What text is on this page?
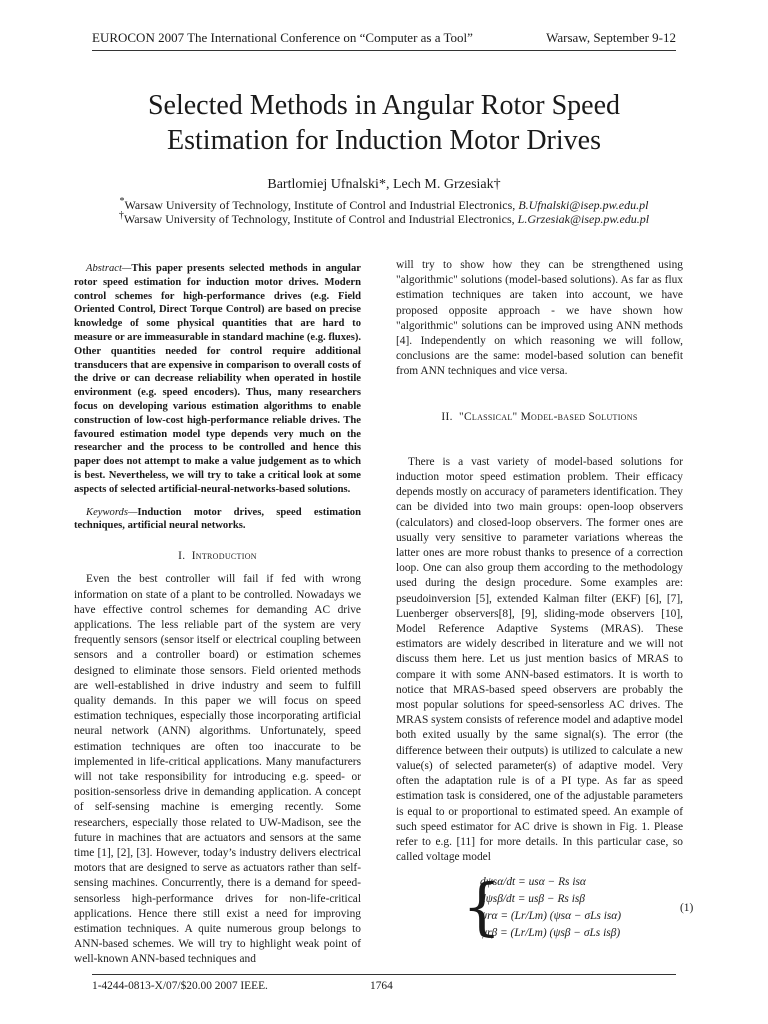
EUROCON 2007 The International Conference on “Computer as a Tool”	Warsaw, September 9-12
Selected Methods in Angular Rotor Speed
Estimation for Induction Motor Drives
Bartlomiej Ufnalski*, Lech M. Grzesiak†
*Warsaw University of Technology, Institute of Control and Industrial Electronics, B.Ufnalski@isep.pw.edu.pl
†Warsaw University of Technology, Institute of Control and Industrial Electronics, L.Grzesiak@isep.pw.edu.pl

Abstract—This paper presents selected methods in angular rotor speed estimation for induction motor drives. Modern control schemes for high-performance drives (e.g. Field Oriented Control, Direct Torque Control) are based on precise knowledge of some physical quantities that are hard to measure or are immeasurable in standard machine (e.g. fluxes). Other quantities needed for control require additional transducers that are expensive in comparison to overall costs of the drive or can decrease reliability when operated in hostile environment (e.g. speed encoders). Thus, many researchers focus on developing various estimation algorithms to enable construction of low-cost high-performance reliable drives. The favoured estimation model type depends very much on the researcher and the process to be controlled and hence this paper does not attempt to make a value judgement as to which is best. Nevertheless, we will try to take a critical look at some aspects of selected artificial-neural-networks-based solutions.

Keywords—Induction motor drives, speed estimation techniques, artificial neural networks.

I. Introduction

Even the best controller will fail if fed with wrong information on state of a plant to be controlled. Nowadays we have effective control schemes for demanding AC drive applications. The less reliable part of the system are very frequently sensors (sensor itself or electrical coupling between sensors and a controller board) or estimation schemes designed to eliminate those sensors. Field oriented methods are well-established in drive industry and seem to fulfill quality demands. In this paper we will focus on speed estimation techniques, especially those incorporating artificial neural network (ANN) algorithms. Unfortunately, speed estimation techniques are often too inaccurate to be implemented in life-critical applications. Many manufacturers will not take responsibility for introducing e.g. speed- or position-sensorless drive in demanding application. A concept of self-sensing machine is emerging recently. Some researchers, especially those related to UW-Madison, see the future in machines that are actuators and sensors at the same time [1], [2], [3]. However, today’s industry delivers electrical motors that are designed to serve as actuators rather than self-sensing machines. Concurrently, there is a demand for speed-sensorless high-performance drives for non-life-critical applications. Hence there still exist a need for improving estimation techniques. A quite numerous group belongs to ANN-based schemes. We will try to highlight weak point of well-known ANN-based techniques and

will try to show how they can be strengthened using "algorithmic" solutions (model-based solutions). As far as flux estimation techniques are taken into account, we have proposed opposite approach - we have shown how "algorithmic" solutions can be improved using ANN methods [4]. Independently on which reasoning we will follow, conclusions are the same: model-based solution can benefit from ANN techniques and vice versa.

II. "Classical" Model-based Solutions

There is a vast variety of model-based solutions for induction motor speed estimation problem. Their efficacy depends mostly on accuracy of parameters identification. They can be divided into two main groups: open-loop observers (calculators) and closed-loop observers. The former ones are usually very sensitive to parameter variations whereas the latter ones are more robust thanks to presence of a correction loop. One can also group them according to the methodology used during the design procedure. Some examples are: pseudoinversion [5], extended Kalman filter (EKF) [6], [7], Luenberger observers[8], [9], sliding-mode observers [10], Model Reference Adaptive Systems (MRAS). These estimators are widely described in literature and we will not discuss them here. Let us just mention basics of MRAS to compare it with some ANN-based estimators. It is worth to notice that MRAS-based speed observers are probably the most popular solutions for speed-sensorless AC drives. The MRAS system consists of reference model and adaptive model both exited usually by the same signal(s). The error (the difference between their outputs) is utilized to calculate a new value(s) of selected parameter(s) of adaptive model. Very often the adaptation rule is of a PI type. As far as speed estimation task is considered, one of the adjustable parameters is equal to or proportional to estimated speed. An example of such speed estimator for AC drive is shown in Fig. 1. Please refer to e.g. [11] for more details. In this particular case, so called voltage model

{
dψsα/dt = usα − Rs isα
dψsβ/dt = usβ − Rs isβ
ψrα = (Lr/Lm) (ψsα − σLs isα)
ψrβ = (Lr/Lm) (ψsβ − σLs isβ)
(1)
1-4244-0813-X/07/$20.00 2007 IEEE.	1764
